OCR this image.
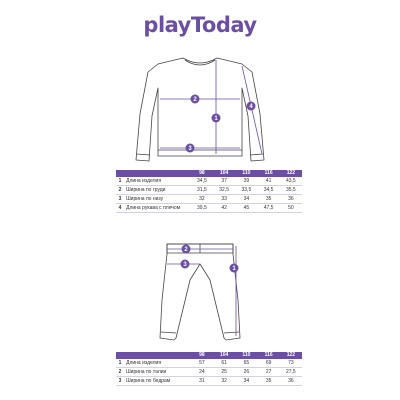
playToday
2
1
4
3
		98	104	110	116	122
1	Длина изделия	34,5	37	39	41	43,5
2	Ширина по груди	31,5	32,5	33,5	34,5	35,5
3	Ширина по низу	32	33	34	35	36
4	Длина рукава с плечом	39,5	42	45	47,5	50
2
3
1
		98	104	110	116	122
1	Длина изделия	57	61	65	69	73
2	Ширина по талии	24	25	26	27	27,5
3	Ширина по бедрам	31	32	34	35	36
